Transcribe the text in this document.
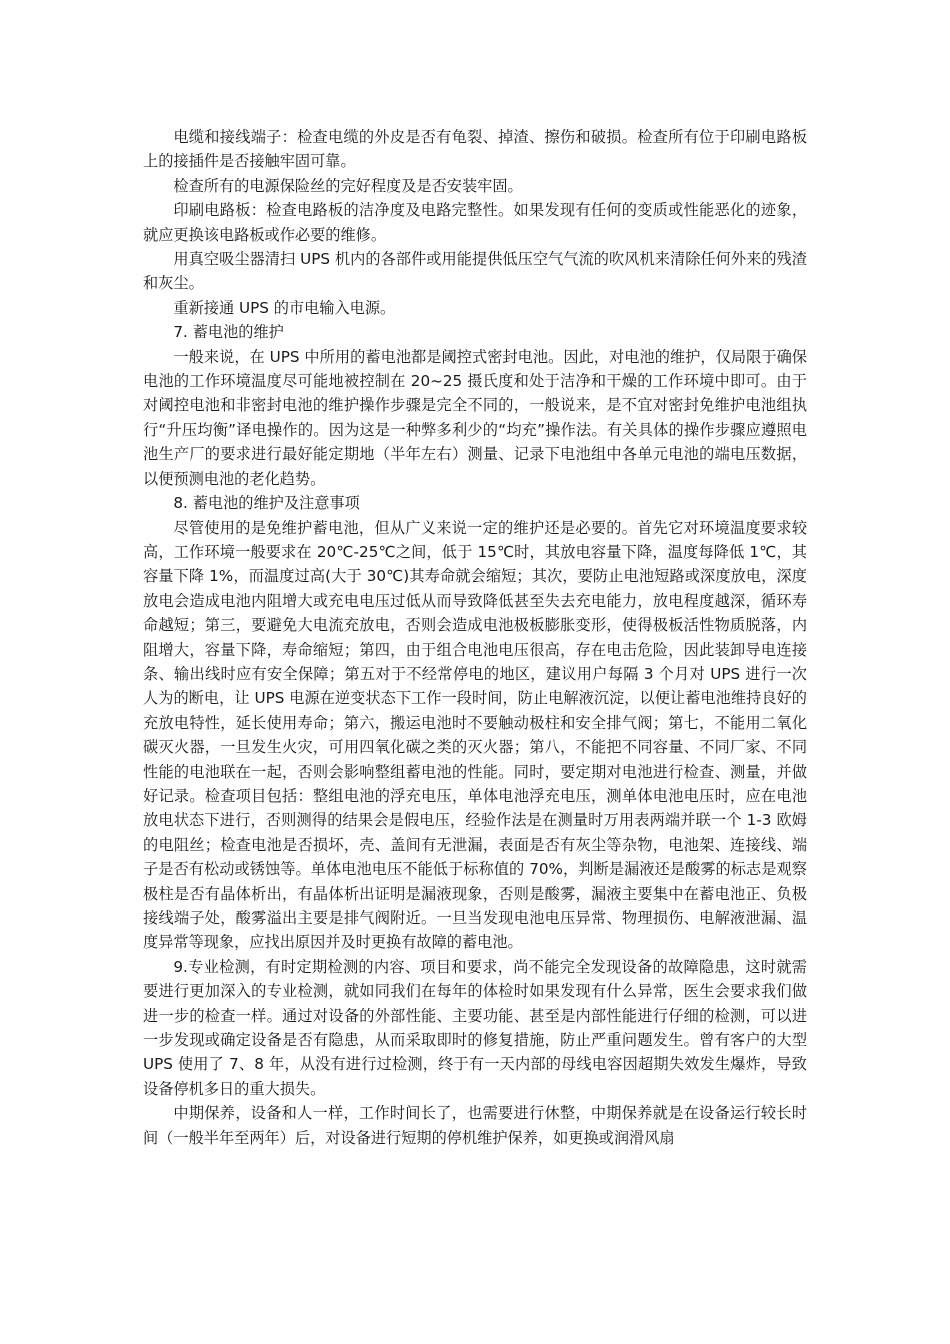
电缆和接线端子：检查电缆的外皮是否有龟裂、掉渣、擦伤和破损。检查所有位于印刷电路板上的接插件是否接触牢固可靠。

检查所有的电源保险丝的完好程度及是否安装牢固。

印刷电路板：检查电路板的洁净度及电路完整性。如果发现有任何的变质或性能恶化的迹象，就应更换该电路板或作必要的维修。

用真空吸尘器清扫 UPS 机内的各部件或用能提供低压空气气流的吹风机来清除任何外来的残渣和灰尘。

重新接通 UPS 的市电输入电源。

7. 蓄电池的维护

一般来说，在 UPS 中所用的蓄电池都是阈控式密封电池。因此，对电池的维护，仅局限于确保电池的工作环境温度尽可能地被控制在 20~25 摄氏度和处于洁净和干燥的工作环境中即可。由于对阈控电池和非密封电池的维护操作步骤是完全不同的，一般说来，是不宜对密封免维护电池组执行“升压均衡”译电操作的。因为这是一种弊多利少的“均充”操作法。有关具体的操作步骤应遵照电池生产厂的要求进行最好能定期地（半年左右）测量、记录下电池组中各单元电池的端电压数据，以便预测电池的老化趋势。

8. 蓄电池的维护及注意事项

尽管使用的是免维护蓄电池，但从广义来说一定的维护还是必要的。首先它对环境温度要求较高，工作环境一般要求在 20℃-25℃之间，低于 15℃时，其放电容量下降，温度每降低 1℃，其容量下降 1%，而温度过高(大于 30℃)其寿命就会缩短；其次，要防止电池短路或深度放电，深度放电会造成电池内阻增大或充电电压过低从而导致降低甚至失去充电能力，放电程度越深，循环寿命越短；第三，要避免大电流充放电，否则会造成电池极板膨胀变形，使得极板活性物质脱落，内阻增大，容量下降，寿命缩短；第四，由于组合电池电压很高，存在电击危险，因此装卸导电连接条、输出线时应有安全保障；第五对于不经常停电的地区，建议用户每隔 3 个月对 UPS 进行一次人为的断电，让 UPS 电源在逆变状态下工作一段时间，防止电解液沉淀，以便让蓄电池维持良好的充放电特性，延长使用寿命；第六，搬运电池时不要触动极柱和安全排气阀；第七，不能用二氧化碳灭火器，一旦发生火灾，可用四氧化碳之类的灭火器；第八，不能把不同容量、不同厂家、不同性能的电池联在一起，否则会影响整组蓄电池的性能。同时，要定期对电池进行检查、测量，并做好记录。检查项目包括：整组电池的浮充电压，单体电池浮充电压，测单体电池电压时，应在电池放电状态下进行，否则测得的结果会是假电压，经验作法是在测量时万用表两端并联一个 1-3 欧姆的电阻丝；检查电池是否损坏，壳、盖间有无泄漏，表面是否有灰尘等杂物，电池架、连接线、端子是否有松动或锈蚀等。单体电池电压不能低于标称值的 70%，判断是漏液还是酸雾的标志是观察极柱是否有晶体析出，有晶体析出证明是漏液现象，否则是酸雾，漏液主要集中在蓄电池正、负极接线端子处，酸雾溢出主要是排气阀附近。一旦当发现电池电压异常、物理损伤、电解液泄漏、温度异常等现象，应找出原因并及时更换有故障的蓄电池。

9.专业检测，有时定期检测的内容、项目和要求，尚不能完全发现设备的故障隐患，这时就需要进行更加深入的专业检测，就如同我们在每年的体检时如果发现有什么异常，医生会要求我们做进一步的检查一样。通过对设备的外部性能、主要功能、甚至是内部性能进行仔细的检测，可以进一步发现或确定设备是否有隐患，从而采取即时的修复措施，防止严重问题发生。曾有客户的大型 UPS 使用了 7、8 年，从没有进行过检测，终于有一天内部的母线电容因超期失效发生爆炸，导致设备停机多日的重大损失。

中期保养，设备和人一样，工作时间长了，也需要进行休整，中期保养就是在设备运行较长时间（一般半年至两年）后，对设备进行短期的停机维护保养，如更换或润滑风扇
